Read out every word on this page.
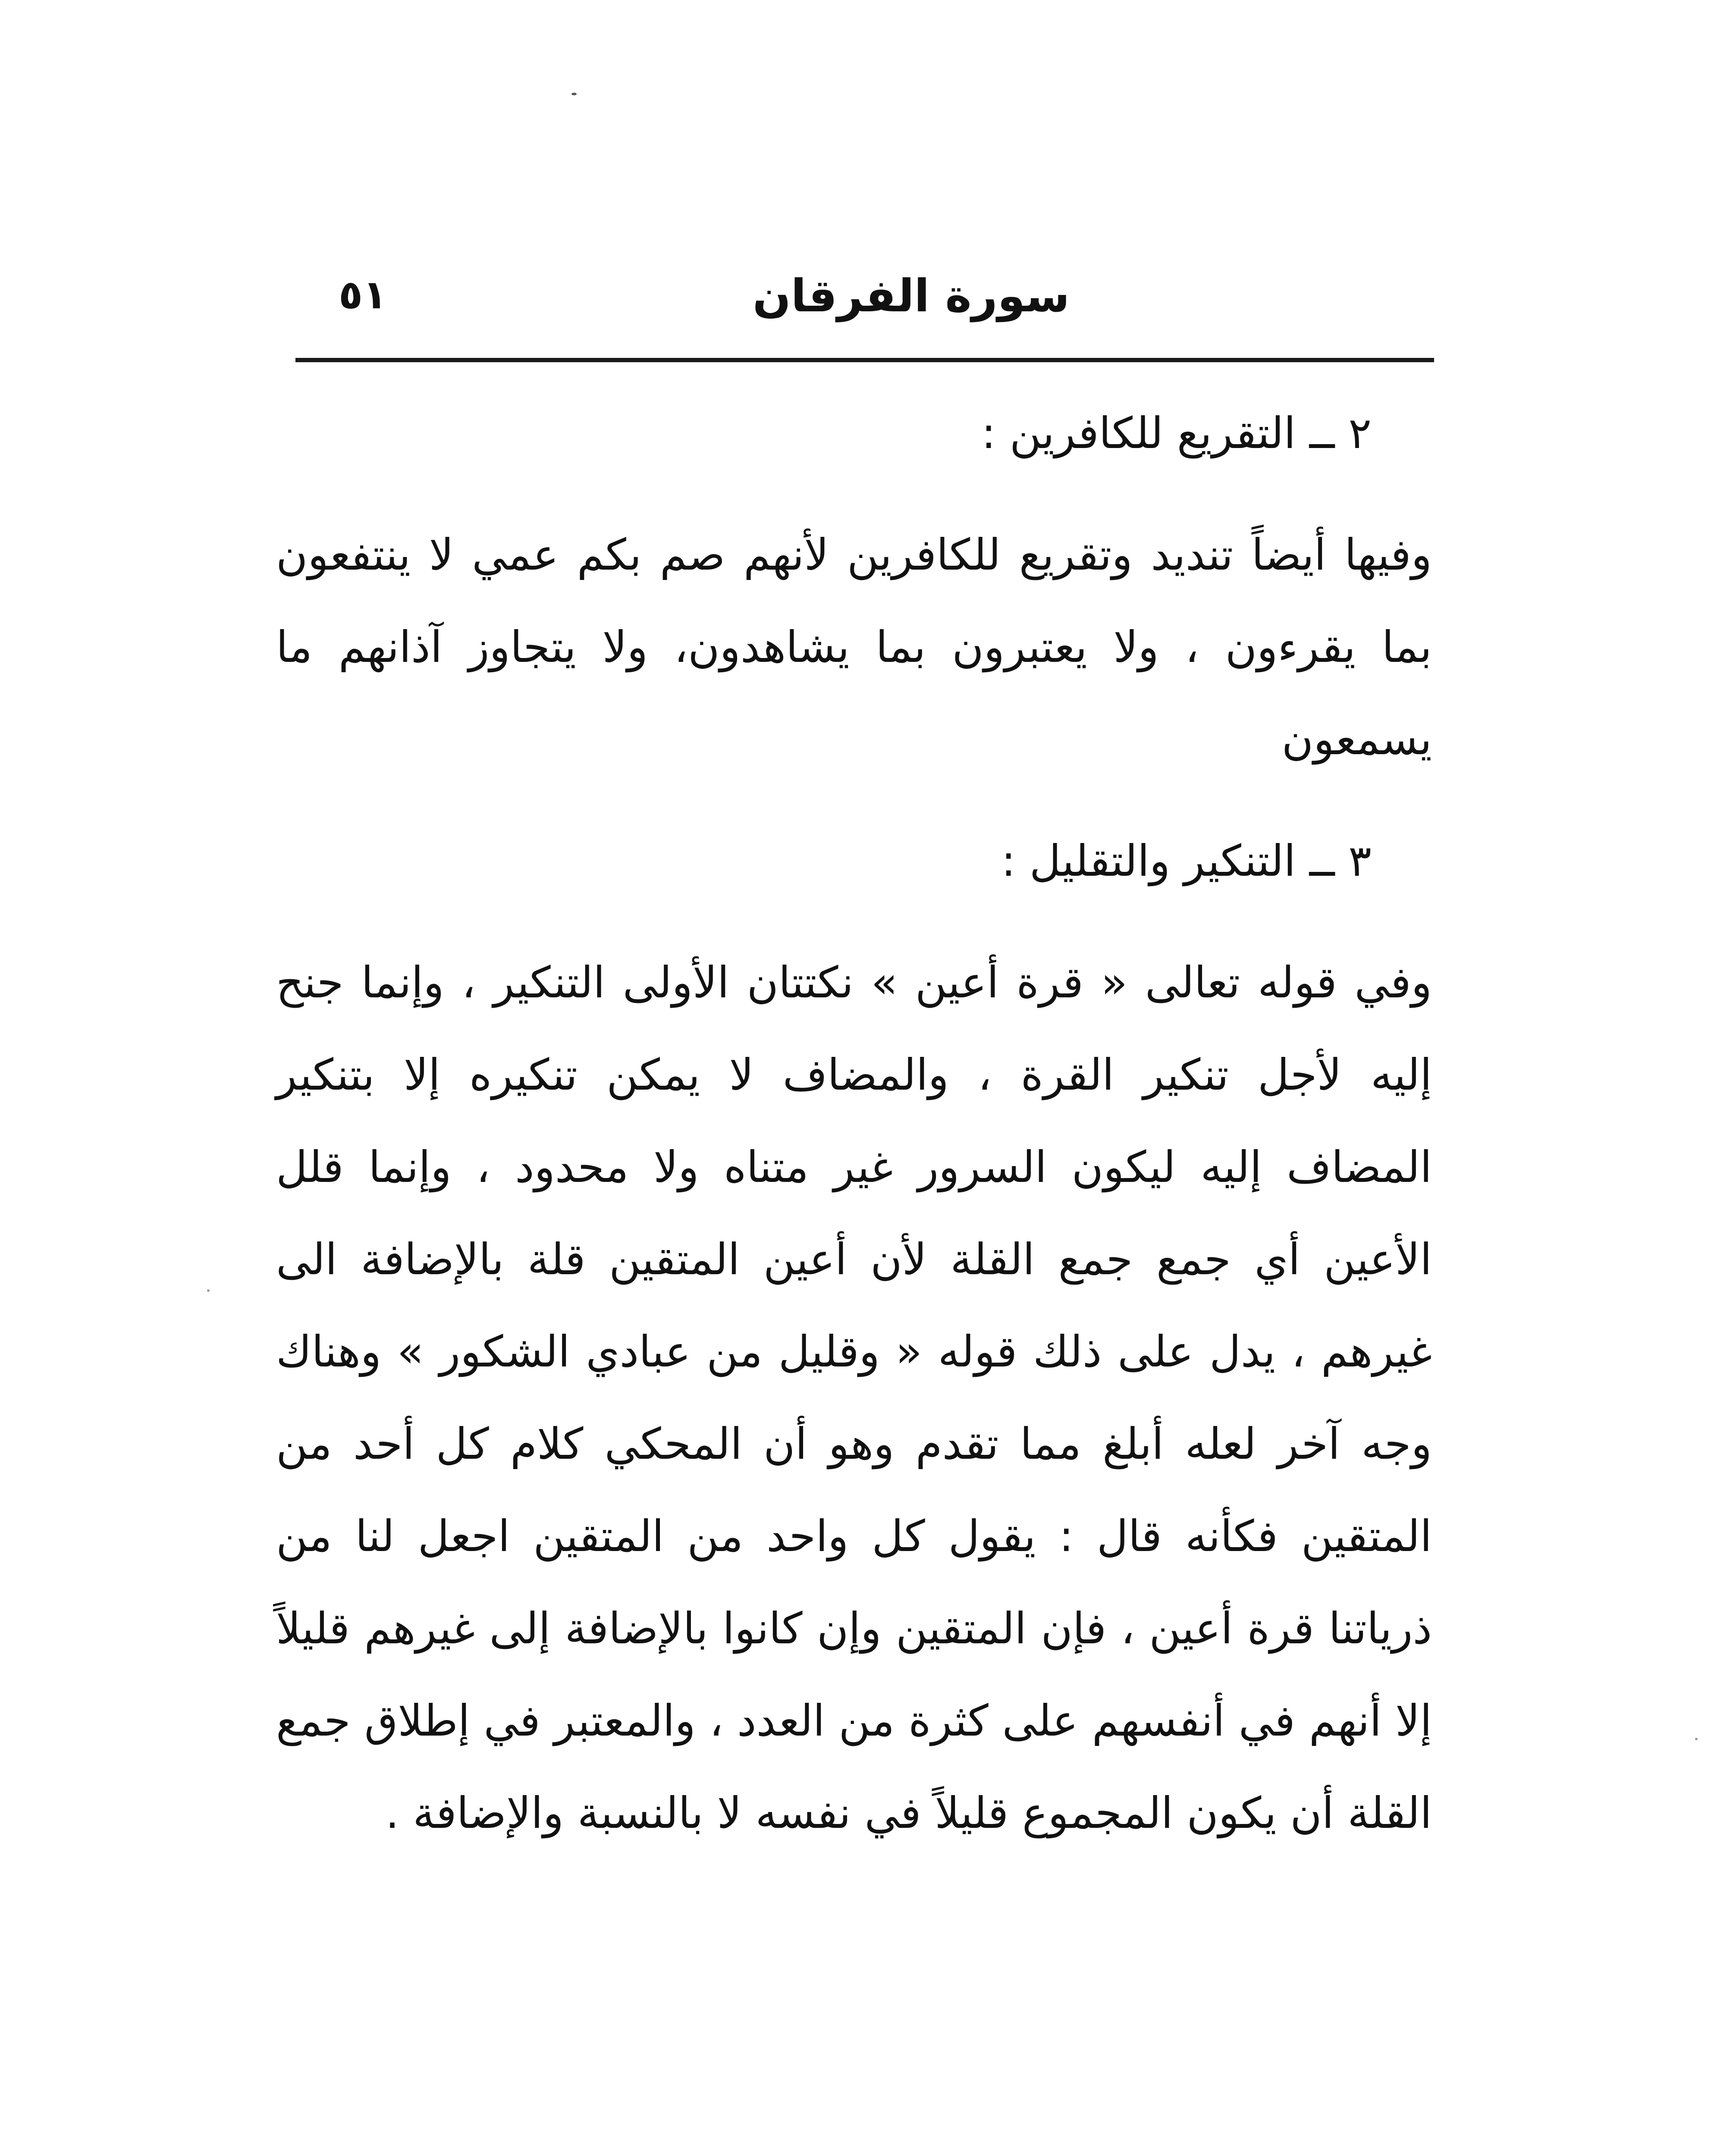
٥١	سورة الفرقان
٢ ــ التقريع للكافرين :
وفيها أيضاً تنديد وتقريع للكافرين لأنهم صم بكم عمي لا ينتفعون بما يقرءون ، ولا يعتبرون بما يشاهدون، ولا يتجاوز آذانهم ما يسمعون
٣ ــ التنكير والتقليل :
وفي قوله تعالى « قرة أعين » نكتتان الأولى التنكير ، وإنما جنح إليه لأجل تنكير القرة ، والمضاف لا يمكن تنكيره إلا بتنكير المضاف إليه ليكون السرور غير متناه ولا محدود ، وإنما قلل الأعين أي جمع جمع القلة لأن أعين المتقين قلة بالإضافة الى غيرهم ، يدل على ذلك قوله « وقليل من عبادي الشكور » وهناك وجه آخر لعله أبلغ مما تقدم وهو أن المحكي كلام كل أحد من المتقين فكأنه قال : يقول كل واحد من المتقين اجعل لنا من ذرياتنا قرة أعين ، فإن المتقين وإن كانوا بالإضافة إلى غيرهم قليلاً إلا أنهم في أنفسهم على كثرة من العدد ، والمعتبر في إطلاق جمع القلة أن يكون المجموع قليلاً في نفسه لا بالنسبة والإضافة .
